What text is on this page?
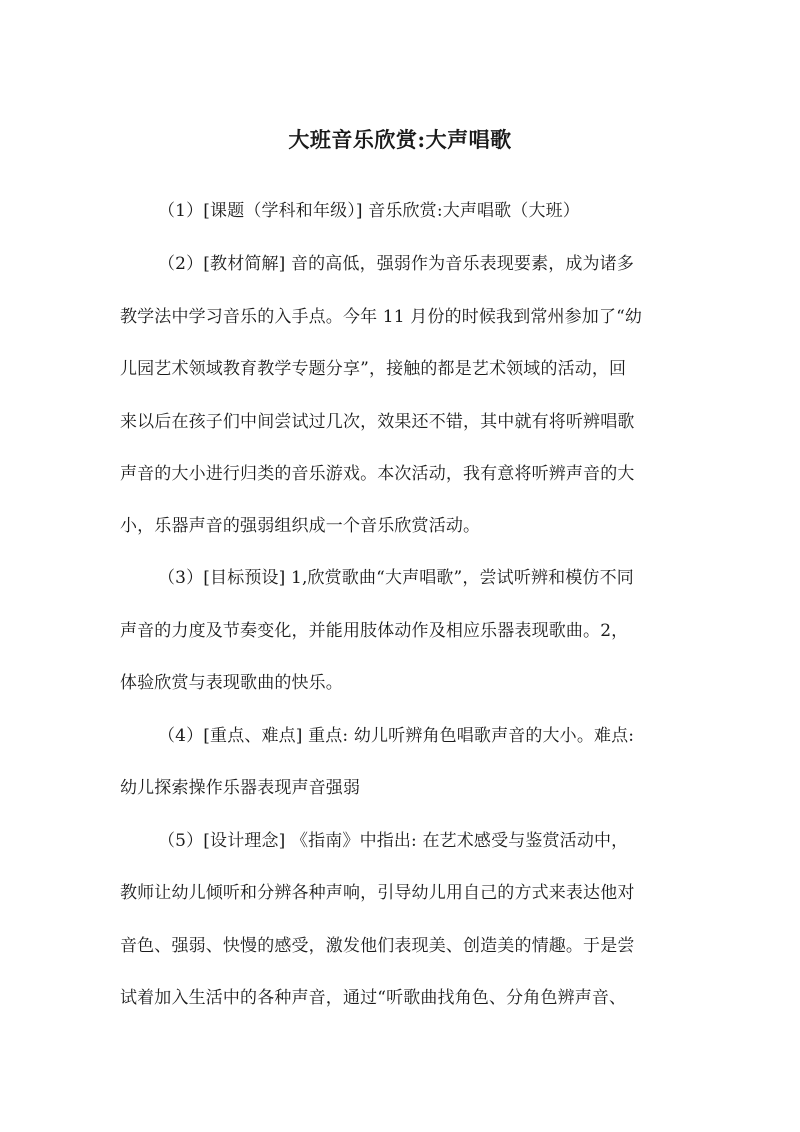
大班音乐欣赏:大声唱歌
（1）[课题（学科和年级）] 音乐欣赏:大声唱歌（大班）
（2）[教材简解] 音的高低，强弱作为音乐表现要素，成为诸多
教学法中学习音乐的入手点。今年 11 月份的时候我到常州参加了“幼
儿园艺术领域教育教学专题分享”，接触的都是艺术领域的活动，回
来以后在孩子们中间尝试过几次，效果还不错，其中就有将听辨唱歌
声音的大小进行归类的音乐游戏。本次活动，我有意将听辨声音的大
小，乐器声音的强弱组织成一个音乐欣赏活动。
（3）[目标预设] 1,欣赏歌曲“大声唱歌”，尝试听辨和模仿不同
声音的力度及节奏变化，并能用肢体动作及相应乐器表现歌曲。2，
体验欣赏与表现歌曲的快乐。
（4）[重点、难点] 重点: 幼儿听辨角色唱歌声音的大小。难点:
幼儿探索操作乐器表现声音强弱
（5）[设计理念] 《指南》中指出: 在艺术感受与鉴赏活动中，
教师让幼儿倾听和分辨各种声响，引导幼儿用自己的方式来表达他对
音色、强弱、快慢的感受，激发他们表现美、创造美的情趣。于是尝
试着加入生活中的各种声音，通过“听歌曲找角色、分角色辨声音、
